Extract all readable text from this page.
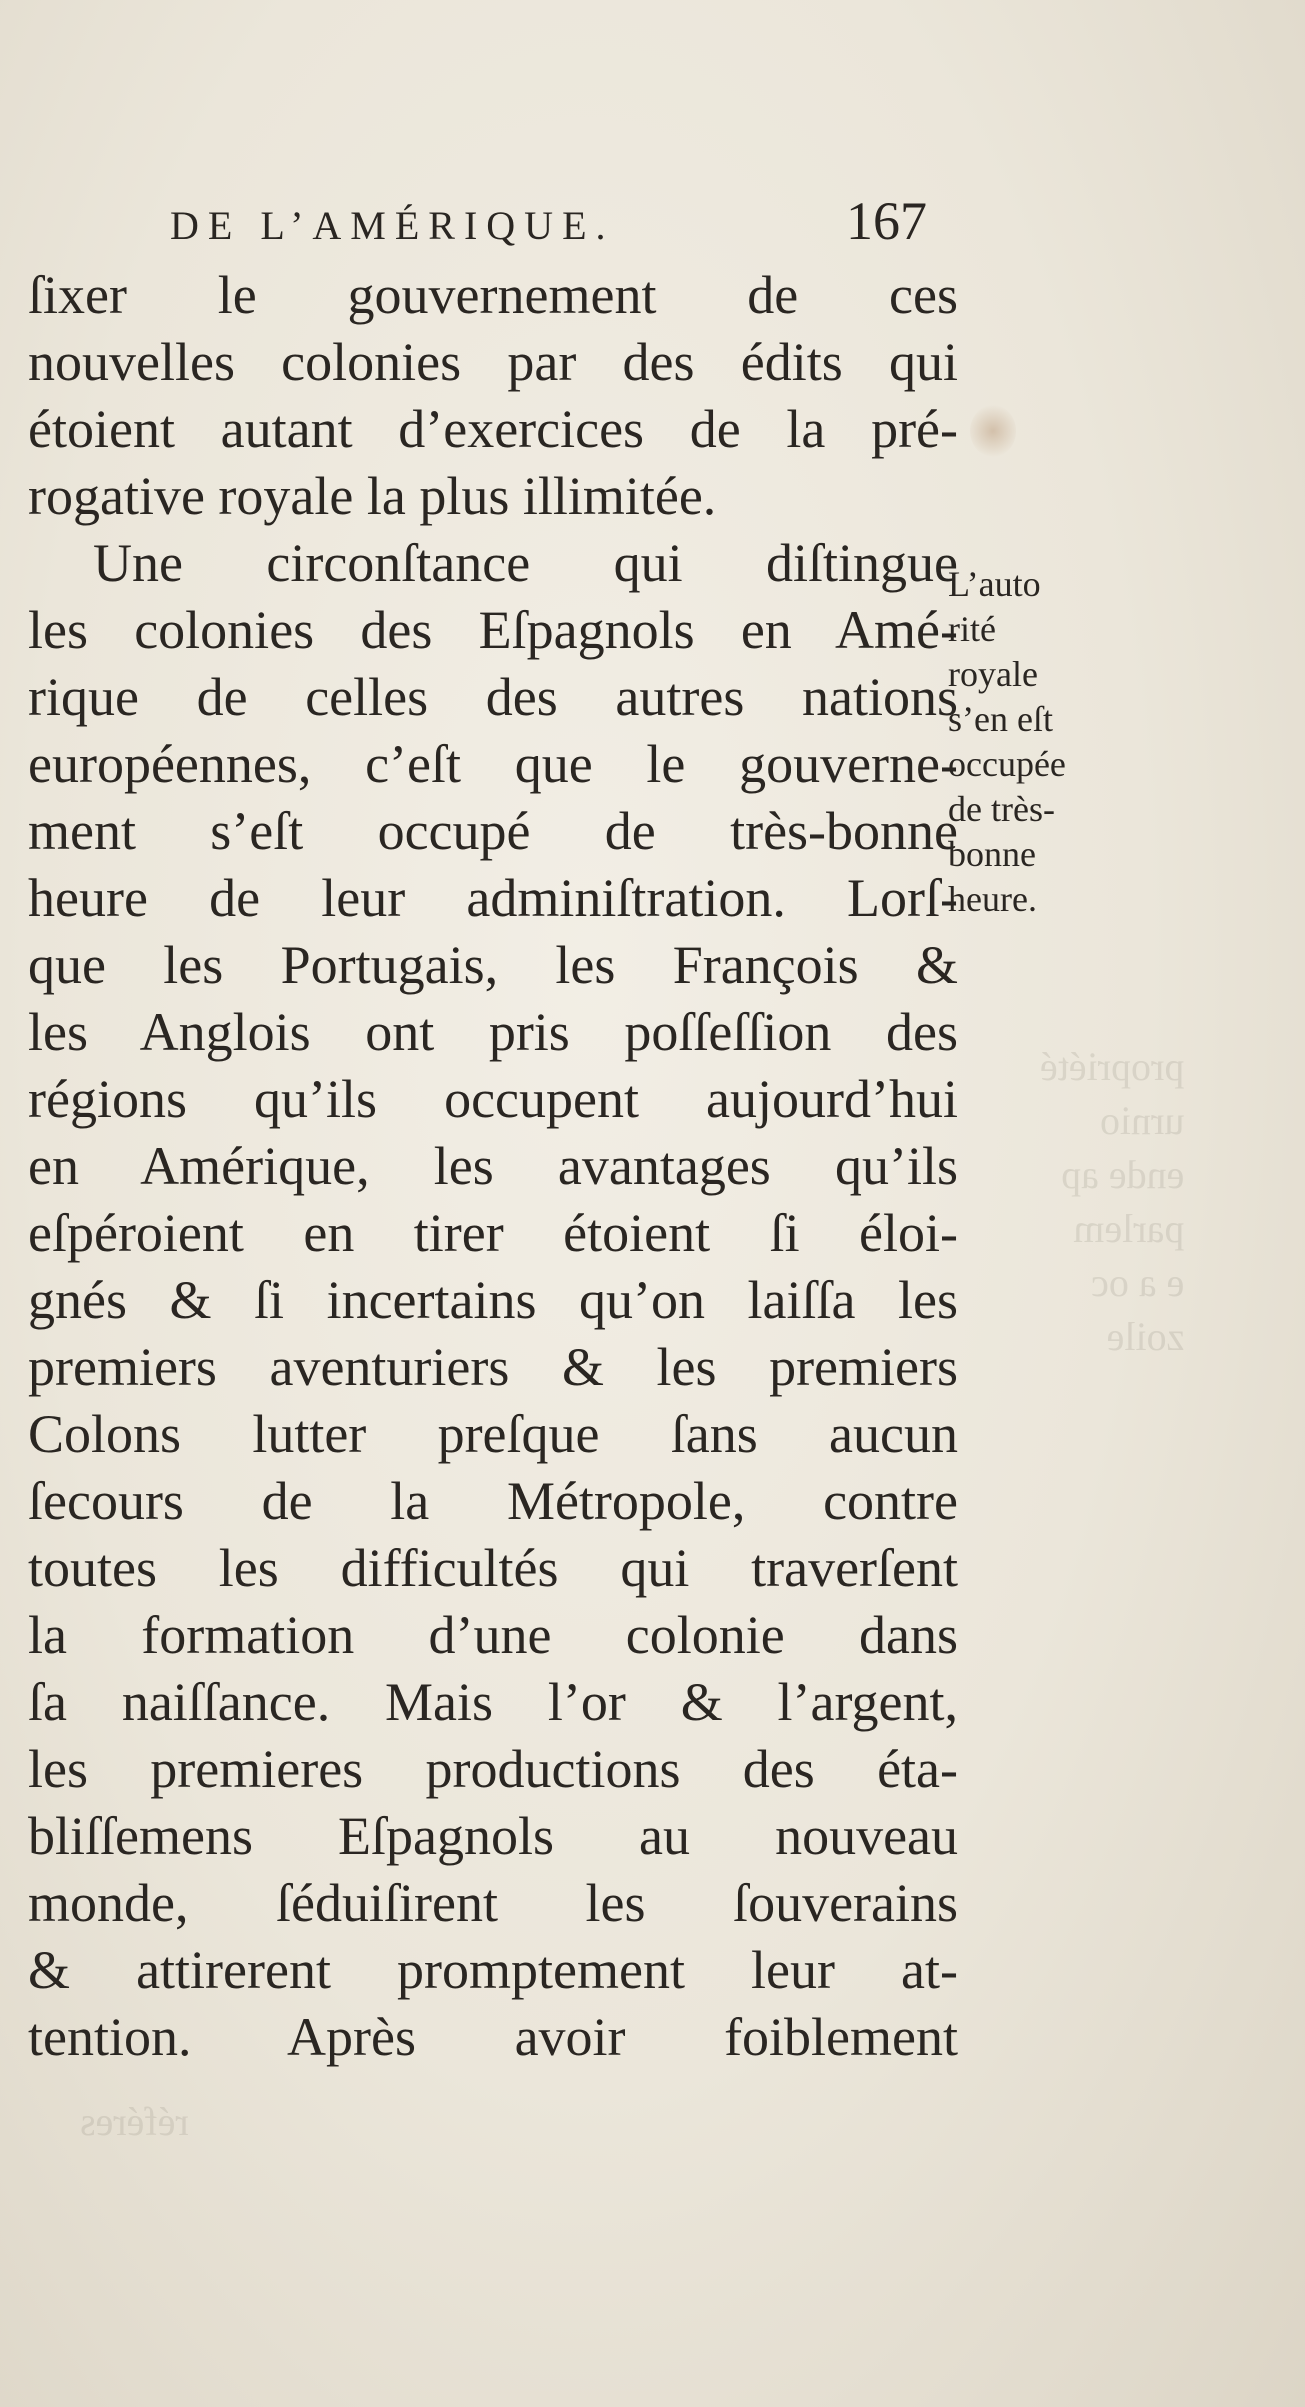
propriété
urnio
ende ap
parlem
e a oc
zoile
référes
DE L’AMÉRIQUE.	167
ſixer le gouvernement de ces
nouvelles colonies par des édits qui
étoient autant d’exercices de la pré-
rogative royale la plus illimitée.
Une circonſtance qui diſtingue
les colonies des Eſpagnols en Amé-
rique de celles des autres nations
européennes, c’eſt que le gouverne-
ment s’eſt occupé de très-bonne
heure de leur adminiſtration. Lorſ-
que les Portugais, les François &
les Anglois ont pris poſſeſſion des
régions qu’ils occupent aujourd’hui
en Amérique, les avantages qu’ils
eſpéroient en tirer étoient ſi éloi-
gnés & ſi incertains qu’on laiſſa les
premiers aventuriers & les premiers
Colons lutter preſque ſans aucun
ſecours de la Métropole, contre
toutes les difficultés qui traverſent
la formation d’une colonie dans
ſa naiſſance. Mais l’or & l’argent,
les premieres productions des éta-
bliſſemens Eſpagnols au nouveau
monde, ſéduiſirent les ſouverains
& attirerent promptement leur at-
tention. Après avoir foiblement
L’auto
rité
royale
s’en eſt
occupée
de très-
bonne
heure.
